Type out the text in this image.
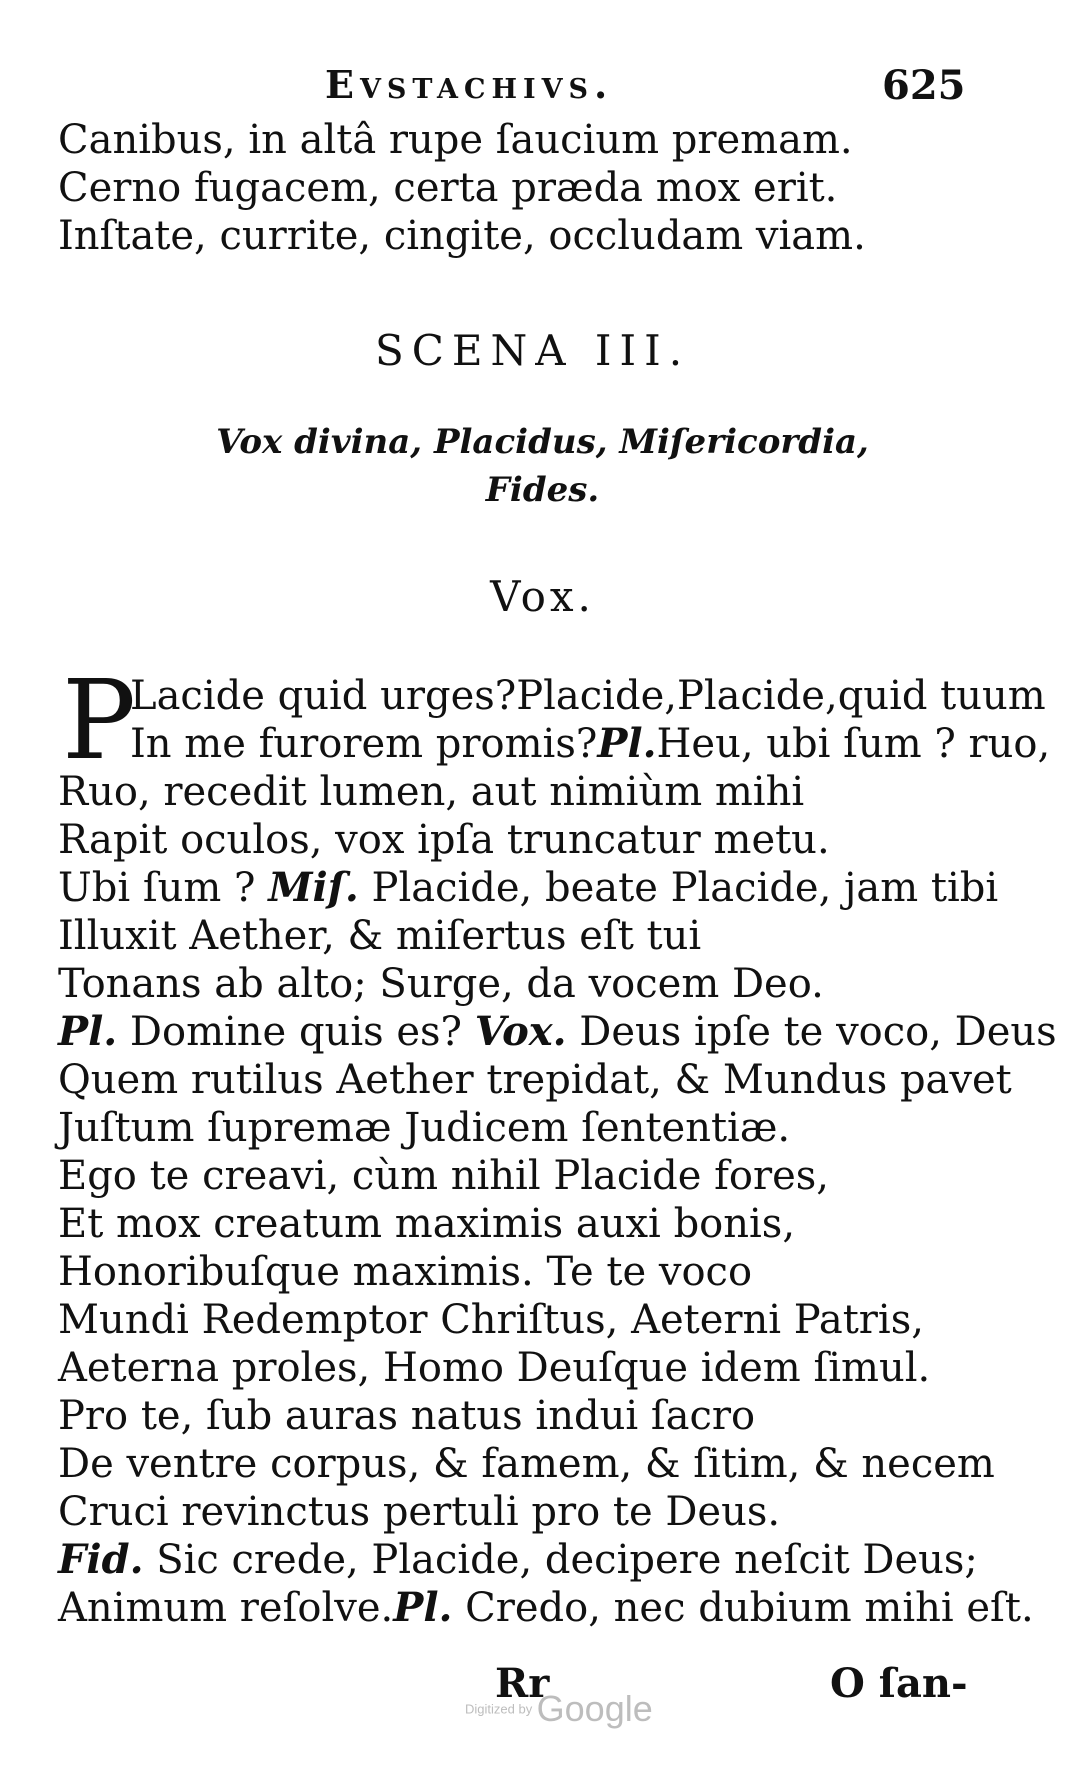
Evstachivs.	625
Canibus, in altâ rupe ſaucium premam.
Cerno fugacem, certa præda mox erit.
Inſtate, currite, cingite, occludam viam.
SCENA III.
Vox divina, Placidus, Miſericordia,
Fides.
Vox.
P
Lacide quid urges?Placide,Placide,quid tuum
In me furorem promis?Pl.Heu, ubi ſum ? ruo,
Ruo, recedit lumen, aut nimiùm mihi
Rapit oculos, vox ipſa truncatur metu.
Ubi ſum ? Miſ. Placide, beate Placide, jam tibi
Illuxit Aether, & miſertus eſt tui
Tonans ab alto; Surge, da vocem Deo.
Pl. Domine quis es? Vox. Deus ipſe te voco, Deus
Quem rutilus Aether trepidat, & Mundus pavet
Juſtum ſupremæ Judicem ſententiæ.
Ego te creavi, cùm nihil Placide fores,
Et mox creatum maximis auxi bonis,
Honoribuſque maximis. Te te voco
Mundi Redemptor Chriſtus, Aeterni Patris,
Aeterna proles, Homo Deuſque idem ſimul.
Pro te, ſub auras natus indui ſacro
De ventre corpus, & famem, & ſitim, & necem
Cruci revinctus pertuli pro te Deus.
Fid. Sic crede, Placide, decipere neſcit Deus;
Animum reſolve.Pl. Credo, nec dubium mihi eſt.
Rr	O ſan-
Digitized by Google
